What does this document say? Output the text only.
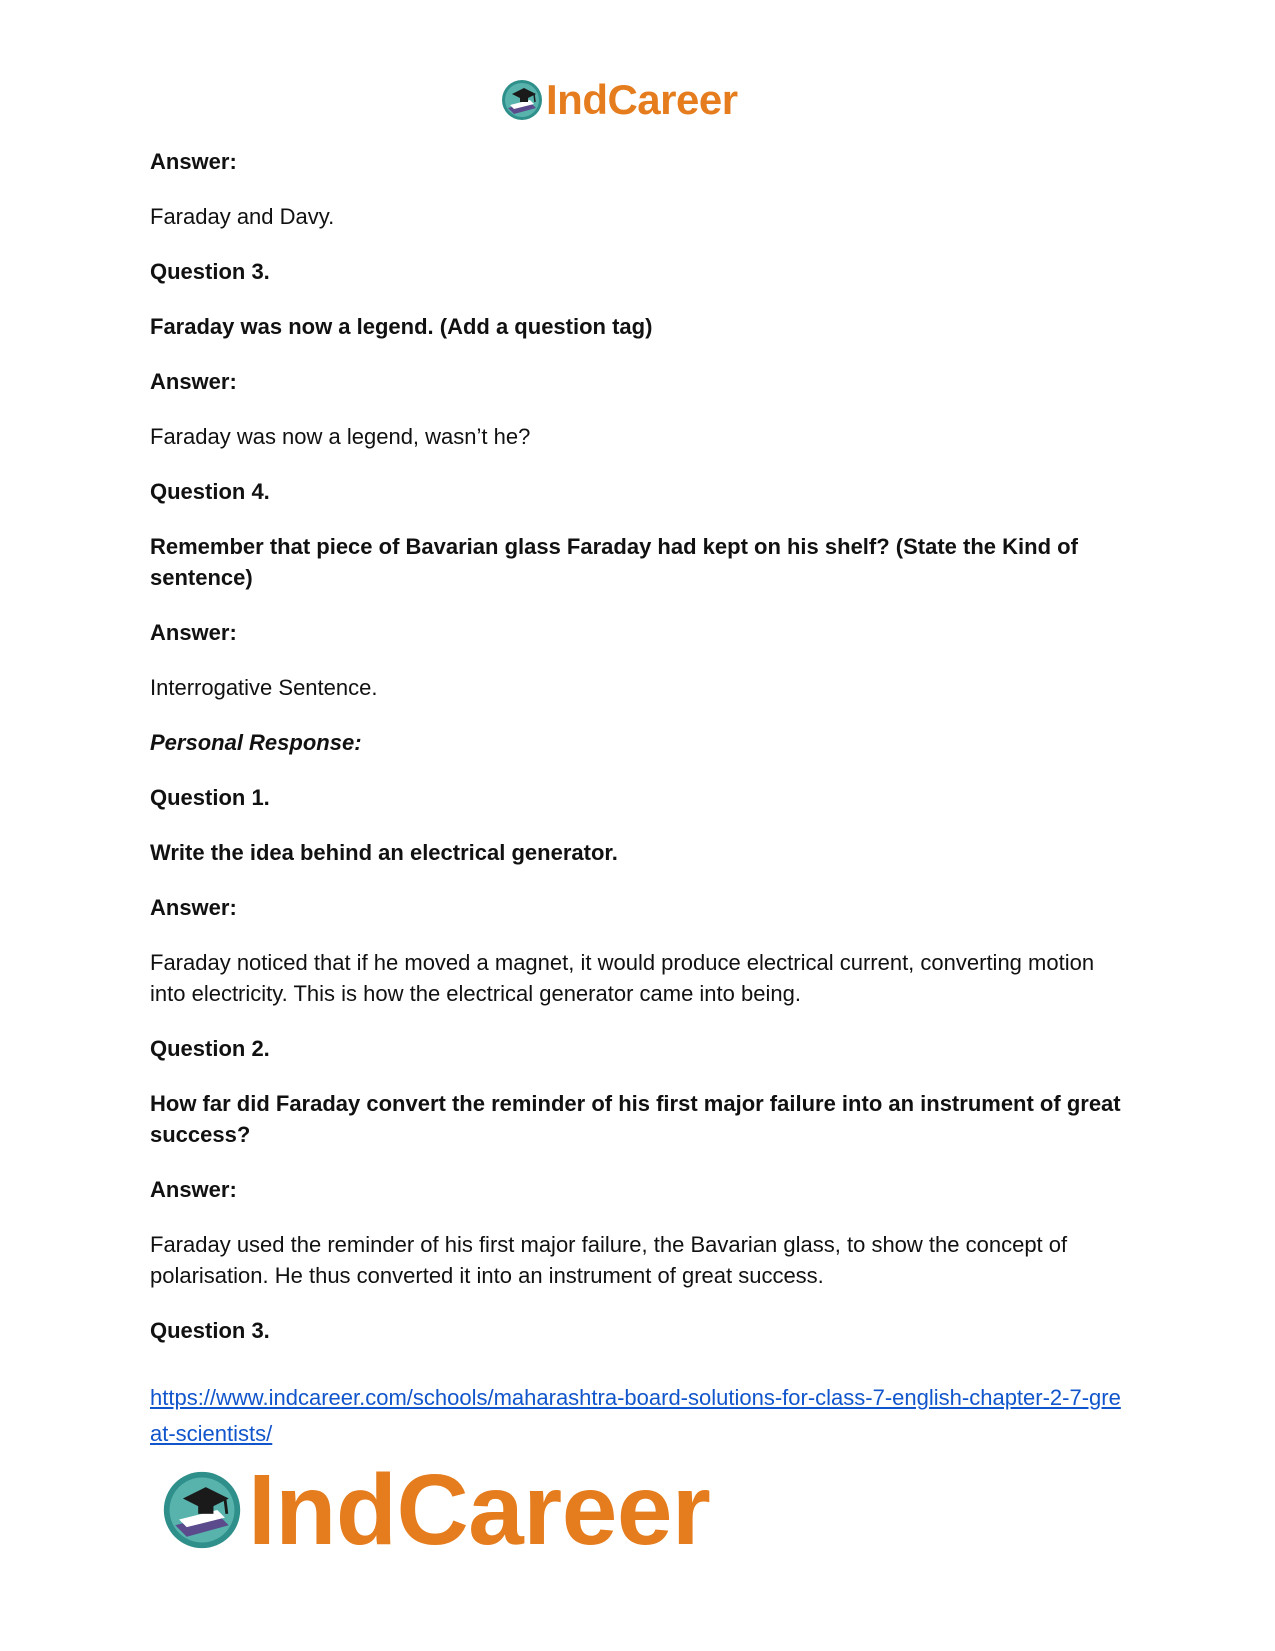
IndCareer

Answer:

Faraday and Davy.

Question 3.

Faraday was now a legend. (Add a question tag)

Answer:

Faraday was now a legend, wasn’t he?

Question 4.

Remember that piece of Bavarian glass Faraday had kept on his shelf? (State the Kind of sentence)

Answer:

Interrogative Sentence.

Personal Response:

Question 1.

Write the idea behind an electrical generator.

Answer:

Faraday noticed that if he moved a magnet, it would produce electrical current, converting motion into electricity. This is how the electrical generator came into being.

Question 2.

How far did Faraday convert the reminder of his first major failure into an instrument of great success?

Answer:

Faraday used the reminder of his first major failure, the Bavarian glass, to show the concept of polarisation. He thus converted it into an instrument of great success.

Question 3.

https://www.indcareer.com/schools/maharashtra-board-solutions-for-class-7-english-chapter-2-7-great-scientists/
IndCareer
